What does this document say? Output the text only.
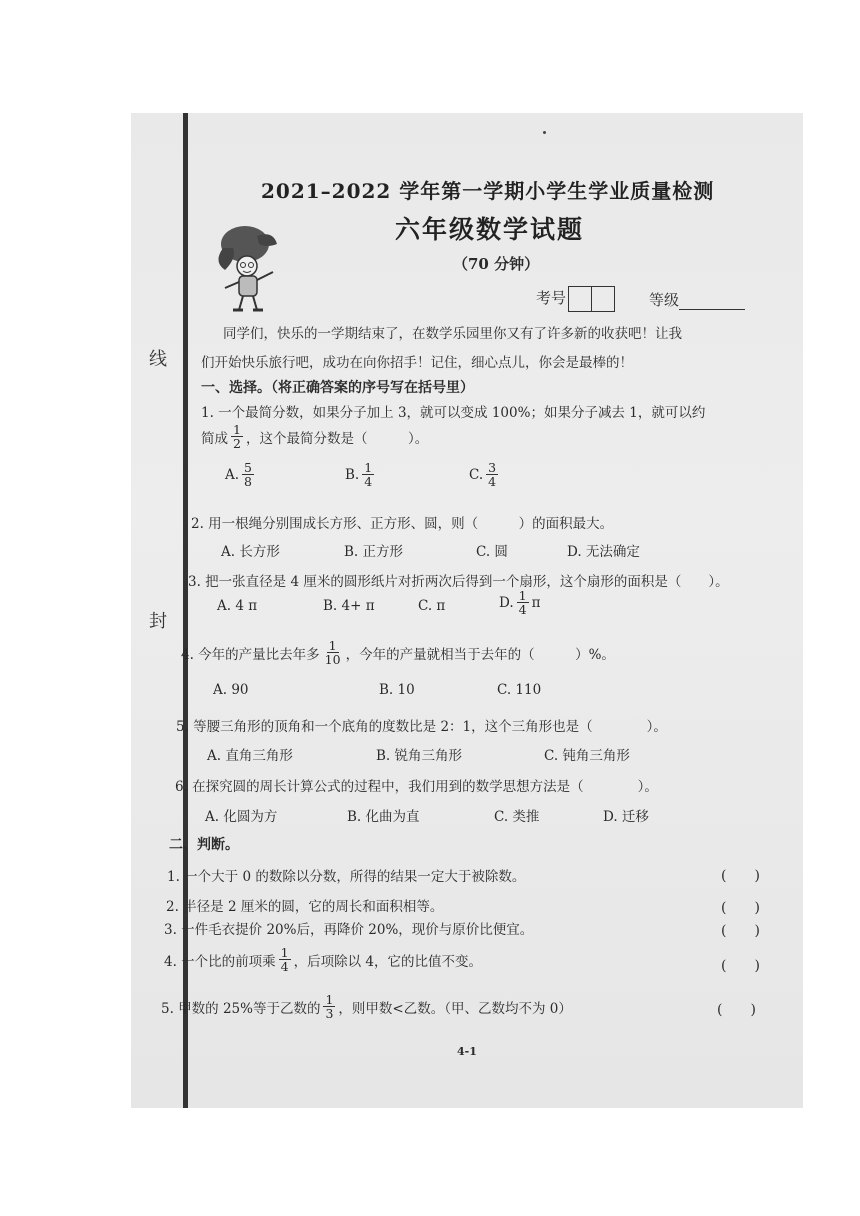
线
封
2021–2022 学年第一学期小学生学业质量检测
六年级数学试题
（70 分钟）
考号	等级
同学们，快乐的一学期结束了，在数学乐园里你又有了许多新的收获吧！让我
们开始快乐旅行吧，成功在向你招手！记住，细心点儿，你会是最棒的！
一、选择。（将正确答案的序号写在括号里）
1. 一个最简分数，如果分子加上 3，就可以变成 100%；如果分子减去 1，就可以约
简成 $\frac{1}{2}$ ，这个最简分数是（　　　）。
A. $\frac{5}{8}$	B. $\frac{1}{4}$	C. $\frac{3}{4}$
2. 用一根绳分别围成长方形、正方形、圆，则（　　　）的面积最大。
A. 长方形	B. 正方形	C. 圆	D. 无法确定
3. 把一张直径是 4 厘米的圆形纸片对折两次后得到一个扇形，这个扇形的面积是（　　）。
A. 4 π	B. 4+ π	C. π	D. $\frac{1}{4}$ π
4. 今年的产量比去年多 $\frac{1}{10}$ ，今年的产量就相当于去年的（　　　）%。
A. 90	B. 10	C. 110
5. 等腰三角形的顶角和一个底角的度数比是 2：1，这个三角形也是（　　　　）。
A. 直角三角形	B. 锐角三角形	C. 钝角三角形
6. 在探究圆的周长计算公式的过程中，我们用到的数学思想方法是（　　　　）。
A. 化圆为方	B. 化曲为直	C. 类推	D. 迁移
二、判断。
1. 一个大于 0 的数除以分数，所得的结果一定大于被除数。	(　　)
2. 半径是 2 厘米的圆，它的周长和面积相等。	(　　)
3. 一件毛衣提价 20%后，再降价 20%，现价与原价比便宜。	(　　)
4. 一个比的前项乘 $\frac{1}{4}$ ，后项除以 4，它的比值不变。	(　　)
5. 甲数的 25%等于乙数的 $\frac{1}{3}$ ，则甲数<乙数。（甲、乙数均不为 0）	(　　)
4-1
